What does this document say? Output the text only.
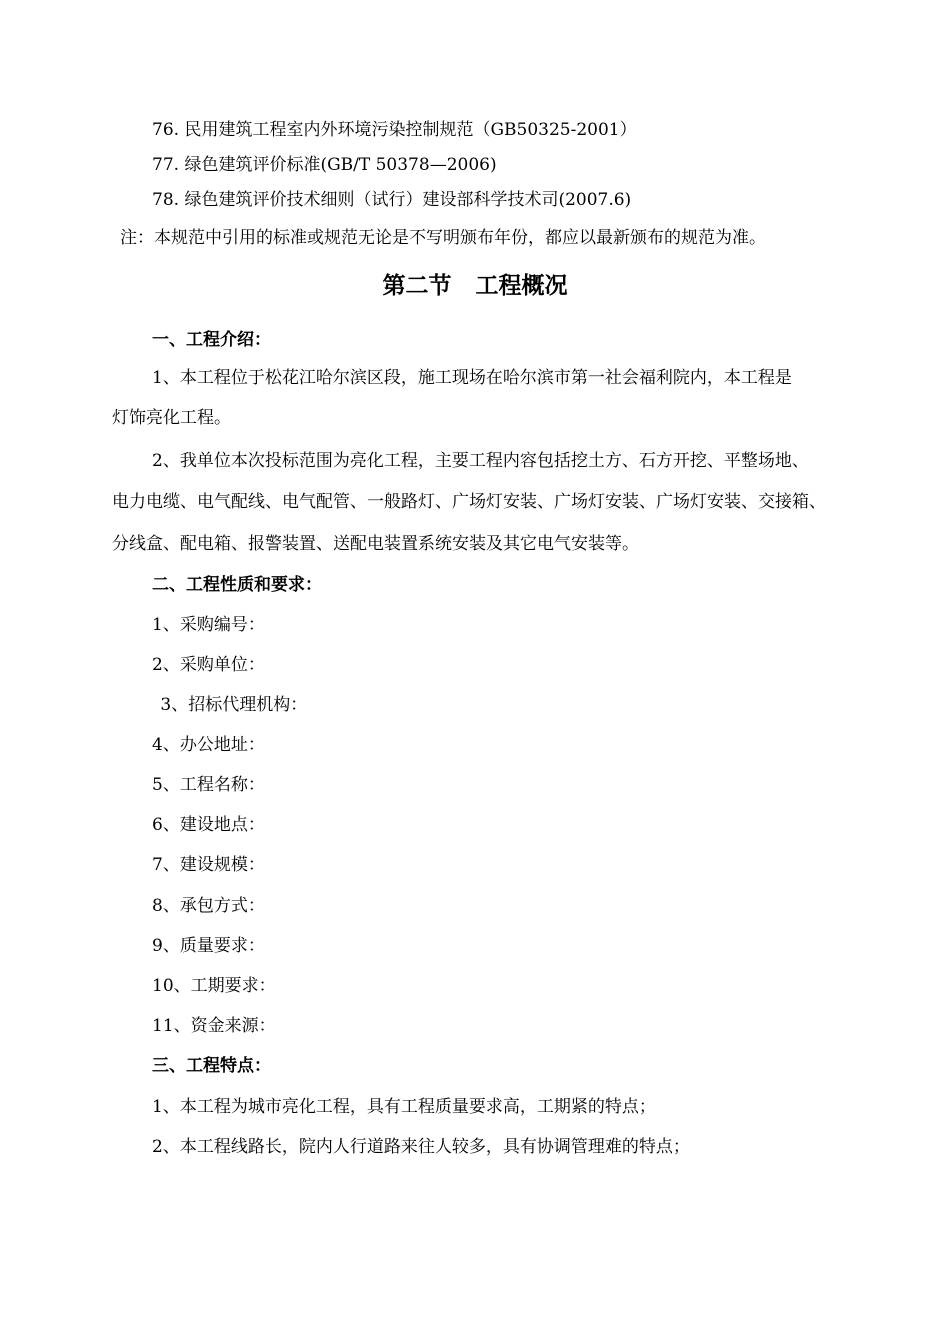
76. 民用建筑工程室内外环境污染控制规范（GB50325-2001）
77. 绿色建筑评价标准(GB/T 50378—2006)
78. 绿色建筑评价技术细则（试行）建设部科学技术司(2007.6)
注：本规范中引用的标准或规范无论是不写明颁布年份，都应以最新颁布的规范为准。
第二节   工程概况
一、工程介绍：
1、本工程位于松花江哈尔滨区段，施工现场在哈尔滨市第一社会福利院内，本工程是
灯饰亮化工程。
2、我单位本次投标范围为亮化工程，主要工程内容包括挖土方、石方开挖、平整场地、
电力电缆、电气配线、电气配管、一般路灯、广场灯安装、广场灯安装、广场灯安装、交接箱、
分线盒、配电箱、报警装置、送配电装置系统安装及其它电气安装等。
二、工程性质和要求：
1、采购编号：
2、采购单位：
3、招标代理机构：
4、办公地址：
5、工程名称：
6、建设地点：
7、建设规模：
8、承包方式：
9、质量要求：
10、工期要求：
11、资金来源：
三、工程特点：
1、本工程为城市亮化工程，具有工程质量要求高，工期紧的特点；
2、本工程线路长，院内人行道路来往人较多，具有协调管理难的特点；
